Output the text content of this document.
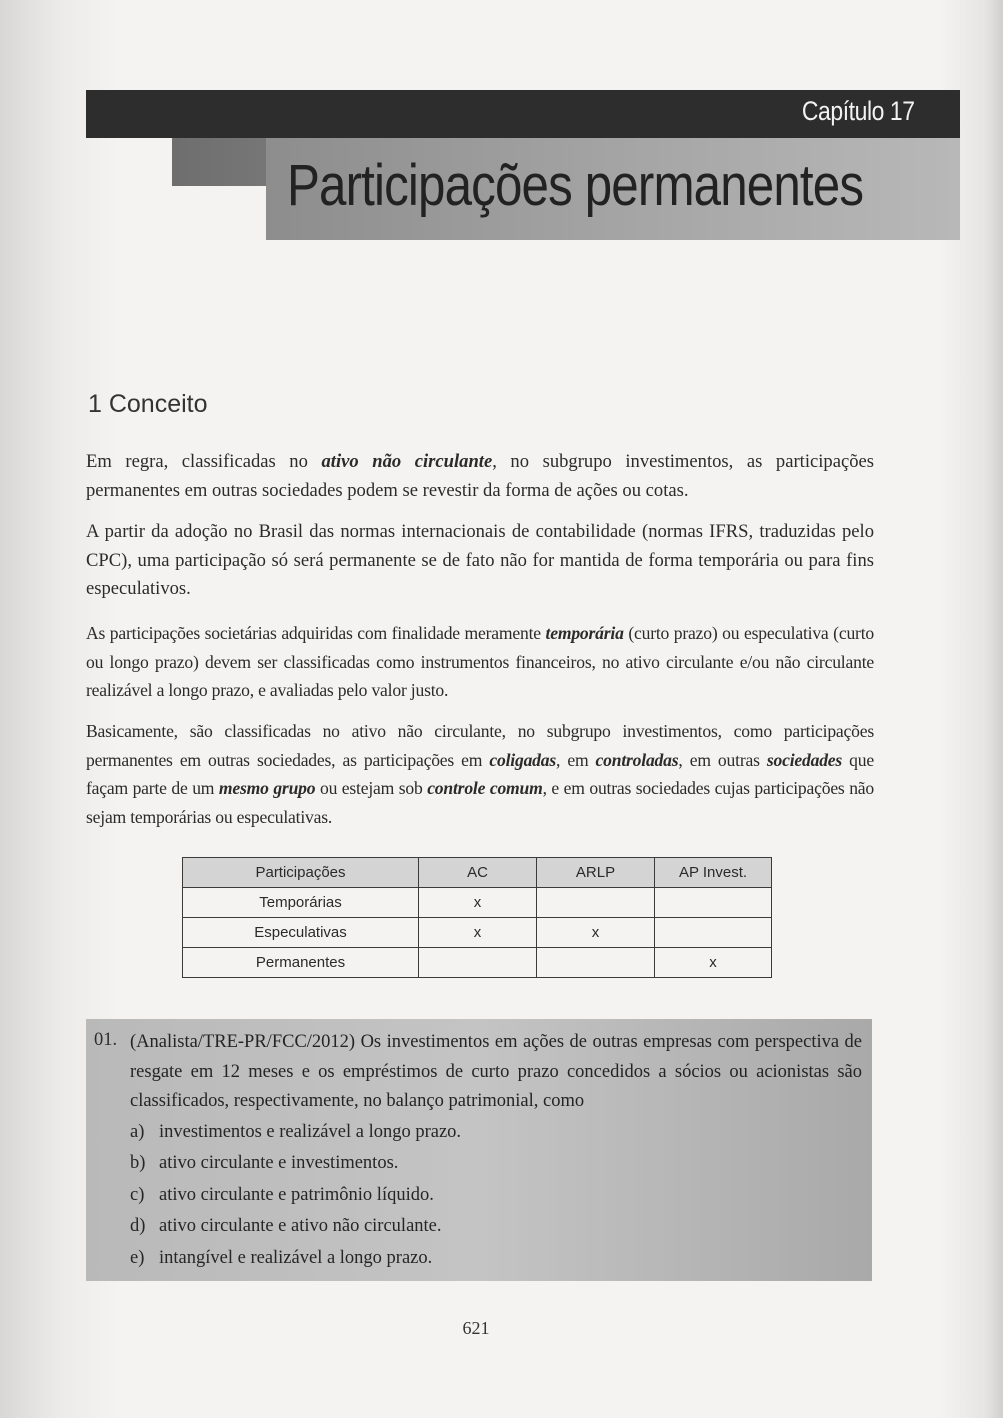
Capítulo 17
Participações permanentes
1 Conceito

Em regra, classificadas no ativo não circulante, no subgrupo investimentos, as participações permanentes em outras sociedades podem se revestir da forma de ações ou cotas.

A partir da adoção no Brasil das normas internacionais de contabilidade (normas IFRS, traduzidas pelo CPC), uma participação só será permanente se de fato não for mantida de forma temporária ou para fins especulativos.

As participações societárias adquiridas com finalidade meramente temporária (curto prazo) ou especulativa (curto ou longo prazo) devem ser classificadas como instrumentos financeiros, no ativo circulante e/ou não circulante realizável a longo prazo, e avaliadas pelo valor justo.

Basicamente, são classificadas no ativo não circulante, no subgrupo investimentos, como participações permanentes em outras sociedades, as participações em coligadas, em controladas, em outras sociedades que façam parte de um mesmo grupo ou estejam sob controle comum, e em outras sociedades cujas participações não sejam temporárias ou especulativas.

Participações	AC	ARLP	AP Invest.
Temporárias	x		
Especulativas	x	x	
Permanentes			x
01. (Analista/TRE-PR/FCC/2012) Os investimentos em ações de outras empresas com perspectiva de resgate em 12 meses e os empréstimos de curto prazo concedidos a sócios ou acionistas são classificados, respectivamente, no balanço patrimonial, como
a) investimentos e realizável a longo prazo.
b) ativo circulante e investimentos.
c) ativo circulante e patrimônio líquido.
d) ativo circulante e ativo não circulante.
e) intangível e realizável a longo prazo.
621
